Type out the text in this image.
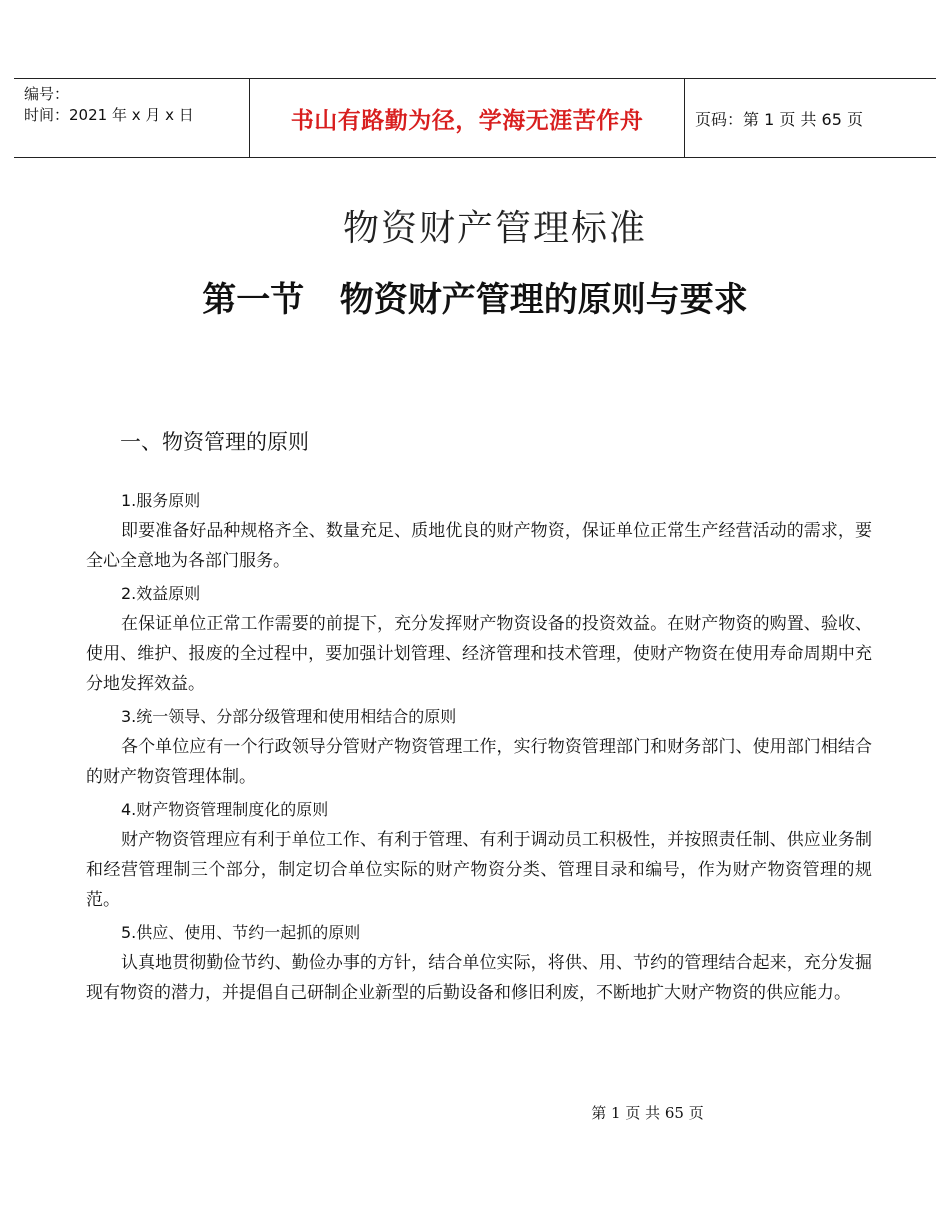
编号：
时间：2021 年 x 月 x 日	书山有路勤为径，学海无涯苦作舟	页码：第 1 页 共 65 页
物资财产管理标准
第一节   物资财产管理的原则与要求
一、物资管理的原则
1.服务原则

即要准备好品种规格齐全、数量充足、质地优良的财产物资，保证单位正常生产经营活动的需求，要全心全意地为各部门服务。

2.效益原则

在保证单位正常工作需要的前提下，充分发挥财产物资设备的投资效益。在财产物资的购置、验收、使用、维护、报废的全过程中，要加强计划管理、经济管理和技术管理，使财产物资在使用寿命周期中充分地发挥效益。

3.统一领导、分部分级管理和使用相结合的原则

各个单位应有一个行政领导分管财产物资管理工作，实行物资管理部门和财务部门、使用部门相结合的财产物资管理体制。

4.财产物资管理制度化的原则

财产物资管理应有利于单位工作、有利于管理、有利于调动员工积极性，并按照责任制、供应业务制和经营管理制三个部分，制定切合单位实际的财产物资分类、管理目录和编号，作为财产物资管理的规范。

5.供应、使用、节约一起抓的原则

认真地贯彻勤俭节约、勤俭办事的方针，结合单位实际，将供、用、节约的管理结合起来，充分发掘现有物资的潜力，并提倡自己研制企业新型的后勤设备和修旧利废，不断地扩大财产物资的供应能力。

第 1 页 共 65 页
